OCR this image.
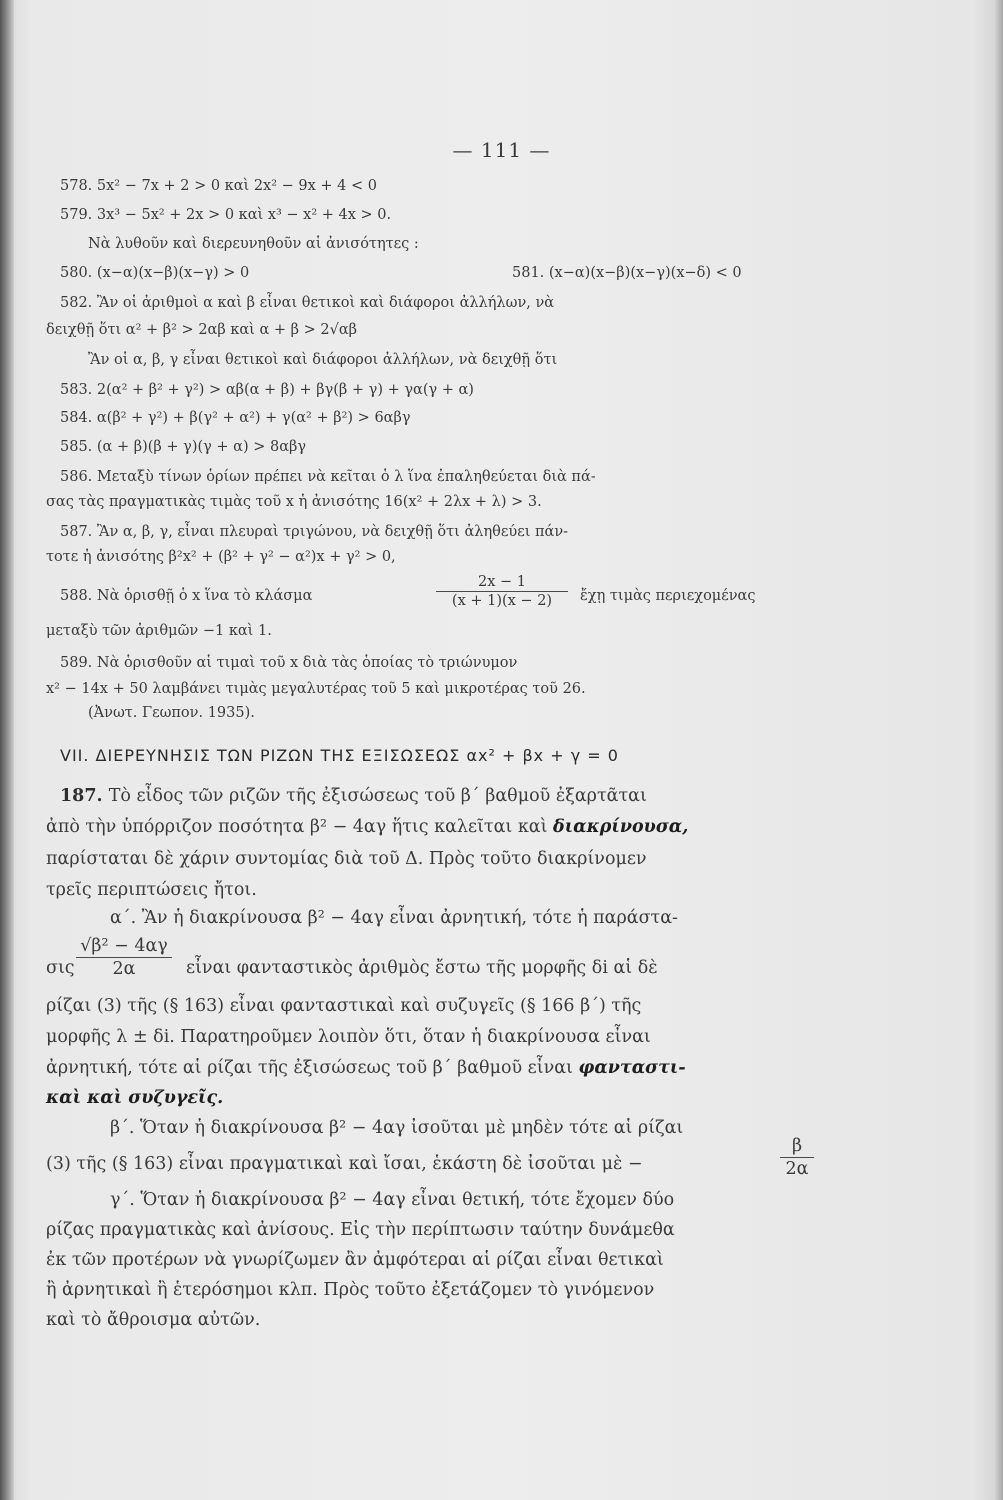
— 111 —
578. 5x² − 7x + 2 > 0 καὶ 2x² − 9x + 4 < 0
579. 3x³ − 5x² + 2x > 0 καὶ x³ − x² + 4x > 0.
Νὰ λυθοῦν καὶ διερευνηθοῦν αἱ ἀνισότητες :
580. (x−α)(x−β)(x−γ) > 0	581. (x−α)(x−β)(x−γ)(x−δ) < 0
582. Ἂν οἱ ἀριθμοὶ α καὶ β εἶναι θετικοὶ καὶ διάφοροι ἀλλήλων, νὰ
δειχθῇ ὅτι α² + β² > 2αβ καὶ α + β > 2√αβ
Ἂν οἱ α, β, γ εἶναι θετικοὶ καὶ διάφοροι ἀλλήλων, νὰ δειχθῇ ὅτι
583. 2(α² + β² + γ²) > αβ(α + β) + βγ(β + γ) + γα(γ + α)
584. α(β² + γ²) + β(γ² + α²) + γ(α² + β²) > 6αβγ
585. (α + β)(β + γ)(γ + α) > 8αβγ
586. Μεταξὺ τίνων ὁρίων πρέπει νὰ κεῖται ὁ λ ἵνα ἐπαληθεύεται διὰ πά-
σας τὰς πραγματικὰς τιμὰς τοῦ x ἡ ἀνισότης 16(x² + 2λx + λ) > 3.
587. Ἂν α, β, γ, εἶναι πλευραὶ τριγώνου, νὰ δειχθῇ ὅτι ἀληθεύει πάν-
τοτε ἡ ἀνισότης β²x² + (β² + γ² − α²)x + γ² > 0,
588. Νὰ ὁρισθῇ ὁ x ἵνα τὸ κλάσμα
2x − 1
(x + 1)(x − 2)	ἔχῃ τιμὰς περιεχομένας
μεταξὺ τῶν ἀριθμῶν −1 καὶ 1.
589. Νὰ ὁρισθοῦν αἱ τιμαὶ τοῦ x διὰ τὰς ὁποίας τὸ τριώνυμον
x² − 14x + 50 λαμβάνει τιμὰς μεγαλυτέρας τοῦ 5 καὶ μικροτέρας τοῦ 26.
(Ἀνωτ. Γεωπον. 1935).
VII. ΔΙΕΡΕΥΝΗΣΙΣ ΤΩΝ ΡΙΖΩΝ ΤΗΣ ΕΞΙΣΩΣΕΩΣ αx² + βx + γ = 0
187. Τὸ εἶδος τῶν ριζῶν τῆς ἐξισώσεως τοῦ β΄ βαθμοῦ ἐξαρτᾶται
ἀπὸ τὴν ὑπόρριζον ποσότητα β² − 4αγ ἥτις καλεῖται καὶ διακρίνουσα,
παρίσταται δὲ χάριν συντομίας διὰ τοῦ Δ. Πρὸς τοῦτο διακρίνομεν
τρεῖς περιπτώσεις ἤτοι.
α΄. Ἂν ἡ διακρίνουσα β² − 4αγ εἶναι ἀρνητική, τότε ἡ παράστα-
σις
√β² − 4αγ
2α	εἶναι φανταστικὸς ἀριθμὸς ἔστω τῆς μορφῆς δi αἱ δὲ
ρίζαι (3) τῆς (§ 163) εἶναι φανταστικαὶ καὶ συζυγεῖς (§ 166 β΄) τῆς
μορφῆς λ ± δi. Παρατηροῦμεν λοιπὸν ὅτι, ὅταν ἡ διακρίνουσα εἶναι
ἀρνητική, τότε αἱ ρίζαι τῆς ἐξισώσεως τοῦ β΄ βαθμοῦ εἶναι φανταστι-
καὶ καὶ συζυγεῖς.
β΄. Ὅταν ἡ διακρίνουσα β² − 4αγ ἰσοῦται μὲ μηδὲν τότε αἱ ρίζαι
(3) τῆς (§ 163) εἶναι πραγματικαὶ καὶ ἴσαι, ἑκάστη δὲ ἰσοῦται μὲ −
β
2α
γ΄. Ὅταν ἡ διακρίνουσα β² − 4αγ εἶναι θετική, τότε ἔχομεν δύο
ρίζας πραγματικὰς καὶ ἀνίσους. Εἰς τὴν περίπτωσιν ταύτην δυνάμεθα
ἐκ τῶν προτέρων νὰ γνωρίζωμεν ἂν ἀμφότεραι αἱ ρίζαι εἶναι θετικαὶ
ἢ ἀρνητικαὶ ἢ ἑτερόσημοι κλπ. Πρὸς τοῦτο ἐξετάζομεν τὸ γινόμενον
καὶ τὸ ἄθροισμα αὐτῶν.
